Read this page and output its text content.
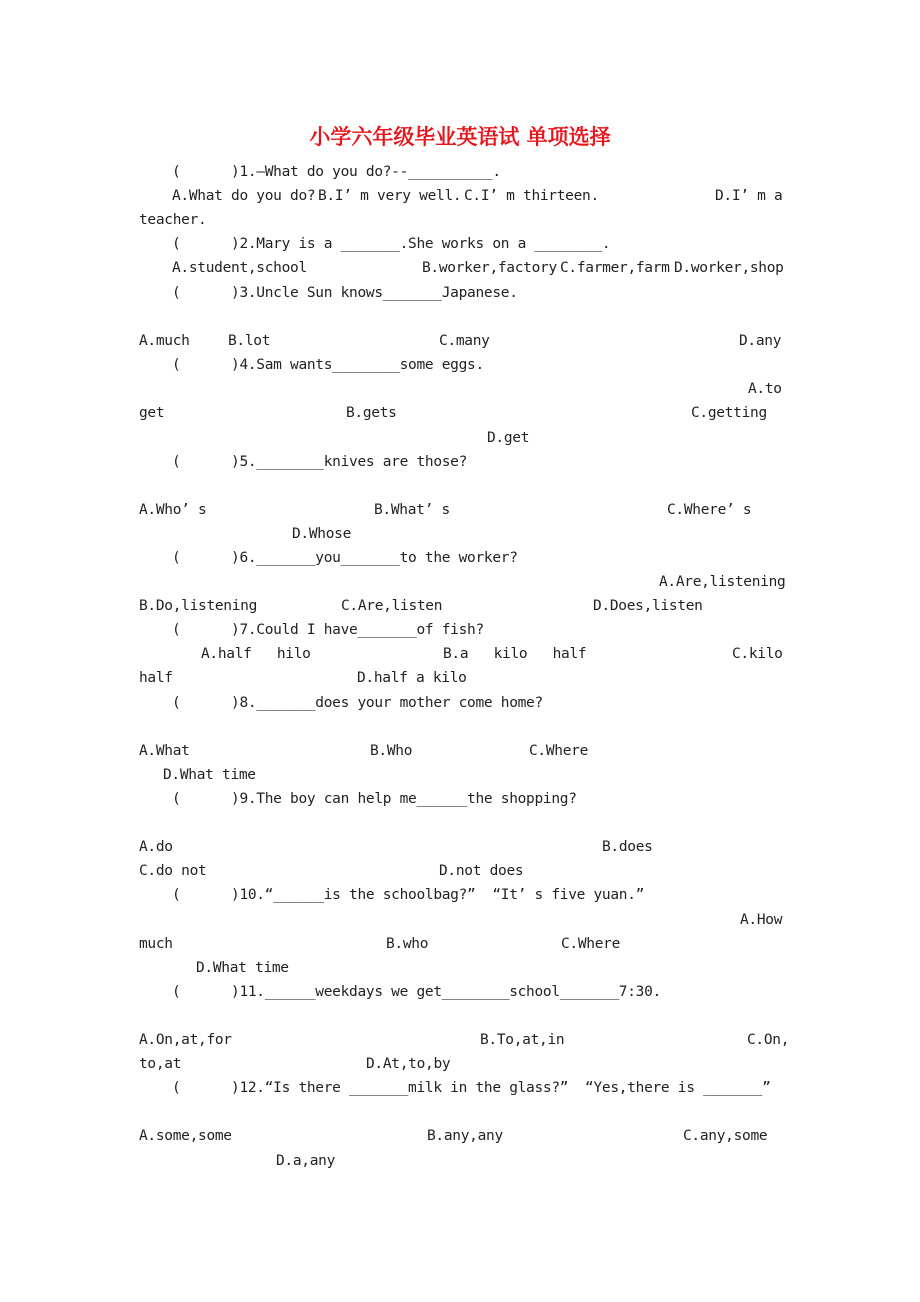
小学六年级毕业英语试 单项选择
(      )1.—What do you do?--__________.
A.What do you do? B.I’ m very well. C.I’ m thirteen.	D.I’ m a
teacher.
(      )2.Mary is a _______.She works on a ________.
A.student,school	B.worker,factory C.farmer,farm D.worker,shop
(      )3.Uncle Sun knows_______Japanese.
A.much	B.lot	C.many	D.any
(      )4.Sam wants________some eggs.
A.to
get	B.gets	C.getting
D.get
(      )5.________knives are those?
A.Who’ s	B.What’ s	C.Where’ s
D.Whose
(      )6._______you_______to the worker?
A.Are,listening
B.Do,listening	C.Are,listen	D.Does,listen
(      )7.Could I have_______of fish?
A.half   hilo	B.a   kilo   half	C.kilo
half	D.half a kilo
(      )8._______does your mother come home?
A.What	B.Who	C.Where
D.What time
(      )9.The boy can help me______the shopping?
A.do	B.does
C.do not	D.not does
(      )10.“______is the schoolbag?”  “It’ s five yuan.”
A.How
much	B.who	C.Where
D.What time
(      )11.______weekdays we get________school_______7:30.
A.On,at,for	B.To,at,in	C.On,
to,at	D.At,to,by
(      )12.“Is there _______milk in the glass?”  “Yes,there is _______”
A.some,some	B.any,any	C.any,some
D.a,any
